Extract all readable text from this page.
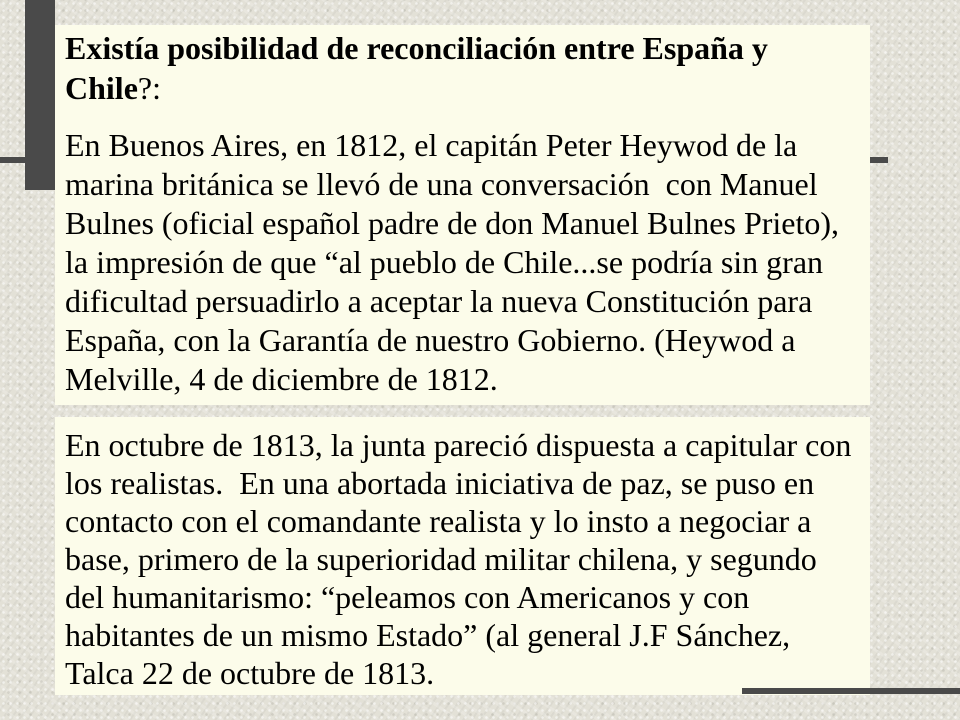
Existía posibilidad de reconciliación entre España y
Chile?:
En Buenos Aires, en 1812, el capitán Peter Heywod de la
marina británica se llevó de una conversación  con Manuel
Bulnes (oficial español padre de don Manuel Bulnes Prieto),
la impresión de que “al pueblo de Chile...se podría sin gran
dificultad persuadirlo a aceptar la nueva Constitución para
España, con la Garantía de nuestro Gobierno. (Heywod a
Melville, 4 de diciembre de 1812.
En octubre de 1813, la junta pareció dispuesta a capitular con
los realistas.  En una abortada iniciativa de paz, se puso en
contacto con el comandante realista y lo insto a negociar a
base, primero de la superioridad militar chilena, y segundo
del humanitarismo: “peleamos con Americanos y con
habitantes de un mismo Estado” (al general J.F Sánchez,
Talca 22 de octubre de 1813.
